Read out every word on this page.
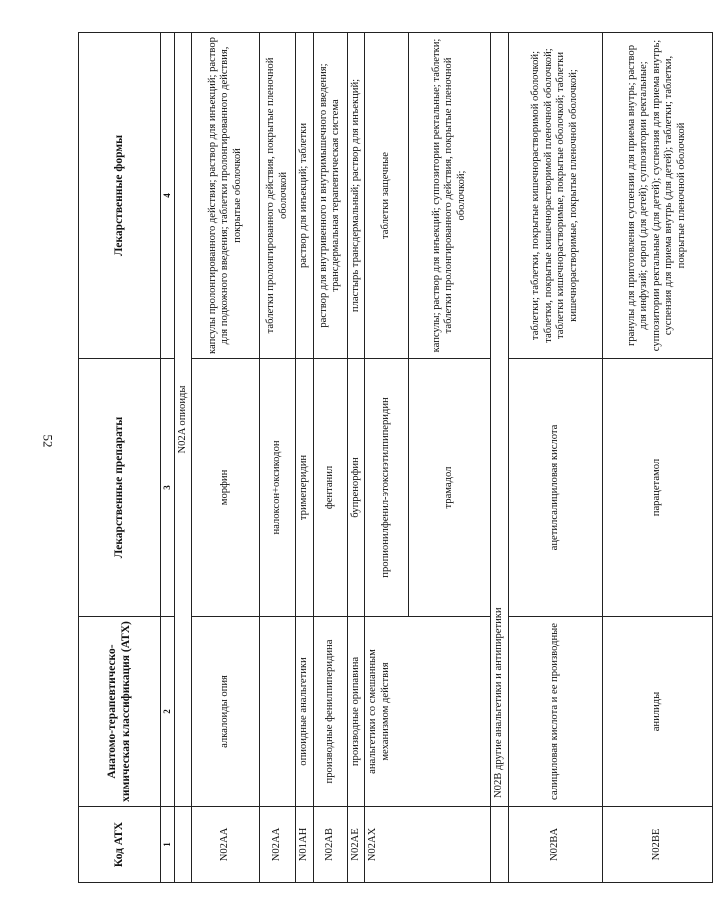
52
Код АТХ	Анатомо-терапевтическо-химическая классификация (АТХ)	Лекарственные препараты	Лекарственные формы
1	2	3	4
	N02A опиоиды		
N02AA	алкалоиды опия	морфин	капсулы пролонгированного действия; раствор для инъекций; раствор для подкожного введения; таблетки пролонгированного действия, покрытые оболочкой
N02AA		налоксон+оксикодон	таблетки пролонгированного действия, покрытые пленочной оболочкой
N01AH	опиоидные анальгетики	тримеперидин	раствор для инъекций; таблетки
N02AB	производные фенилпиперидина	фентанил	раствор для внутривенного и внутримышечного введения; трансдермальная терапевтическая система
N02AE	производные орипавина	бупренорфин	пластырь трансдермальный; раствор для инъекций;
N02AX	анальгетики со смешанным механизмом действия	пропионилфенил-этоксиэтилпиперидин	таблетки защечные
		трамадол	капсулы; раствор для инъекций; суппозитории ректальные; таблетки; таблетки пролонгированного действия, покрытые пленочной оболочкой;
	N02B другие анальгетики и антипиретики		
N02BA	салициловая кислота и ее производные	ацетилсалициловая кислота	таблетки; таблетки, покрытые кишечнорастворимой оболочкой; таблетки, покрытые кишечнорастворимой пленочной оболочкой; таблетки кишечнорастворимые, покрытые оболочкой; таблетки кишечнорастворимые, покрытые пленочной оболочкой;
N02BE	анилиды	парацетамол	гранулы для приготовления суспензии для приема внутрь; раствор для инфузий; сироп (для детей); суппозитории ректальные; суппозитории ректальные (для детей); суспензия для приема внутрь; суспензия для приема внутрь (для детей); таблетки; таблетки, покрытые пленочной оболочкой
